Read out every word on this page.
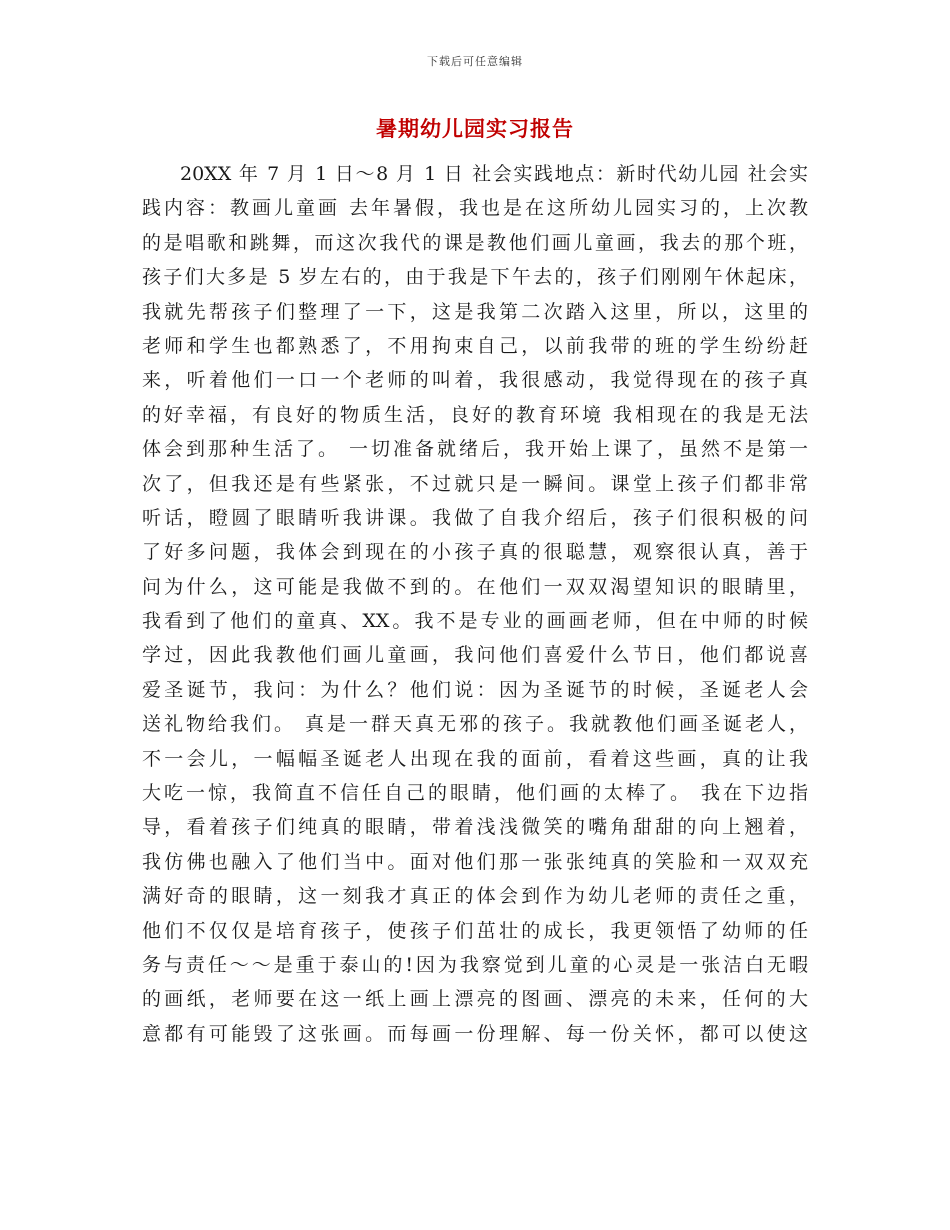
下载后可任意编辑
暑期幼儿园实习报告
20XX 年 7 月 1 日～8 月 1 日 社会实践地点：新时代幼儿园 社会实
践内容：教画儿童画 去年暑假，我也是在这所幼儿园实习的，上次教
的是唱歌和跳舞，而这次我代的课是教他们画儿童画，我去的那个班，
孩子们大多是 5 岁左右的，由于我是下午去的，孩子们刚刚午休起床，
我就先帮孩子们整理了一下，这是我第二次踏入这里，所以，这里的
老师和学生也都熟悉了，不用拘束自己，以前我带的班的学生纷纷赶
来，听着他们一口一个老师的叫着，我很感动，我觉得现在的孩子真
的好幸福，有良好的物质生活，良好的教育环境 我相现在的我是无法
体会到那种生活了。 一切准备就绪后，我开始上课了，虽然不是第一
次了，但我还是有些紧张，不过就只是一瞬间。课堂上孩子们都非常
听话，瞪圆了眼睛听我讲课。我做了自我介绍后，孩子们很积极的问
了好多问题，我体会到现在的小孩子真的很聪慧，观察很认真，善于
问为什么，这可能是我做不到的。在他们一双双渴望知识的眼睛里，
我看到了他们的童真、XX。我不是专业的画画老师，但在中师的时候
学过，因此我教他们画儿童画，我问他们喜爱什么节日，他们都说喜
爱圣诞节，我问：为什么？他们说：因为圣诞节的时候，圣诞老人会
送礼物给我们。 真是一群天真无邪的孩子。我就教他们画圣诞老人，
不一会儿，一幅幅圣诞老人出现在我的面前，看着这些画，真的让我
大吃一惊，我简直不信任自己的眼睛，他们画的太棒了。 我在下边指
导，看着孩子们纯真的眼睛，带着浅浅微笑的嘴角甜甜的向上翘着，
我仿佛也融入了他们当中。面对他们那一张张纯真的笑脸和一双双充
满好奇的眼睛，这一刻我才真正的体会到作为幼儿老师的责任之重，
他们不仅仅是培育孩子，使孩子们茁壮的成长，我更领悟了幼师的任
务与责任～～是重于泰山的!因为我察觉到儿童的心灵是一张洁白无暇
的画纸，老师要在这一纸上画上漂亮的图画、漂亮的未来，任何的大
意都有可能毁了这张画。而每画一份理解、每一份关怀，都可以使这
